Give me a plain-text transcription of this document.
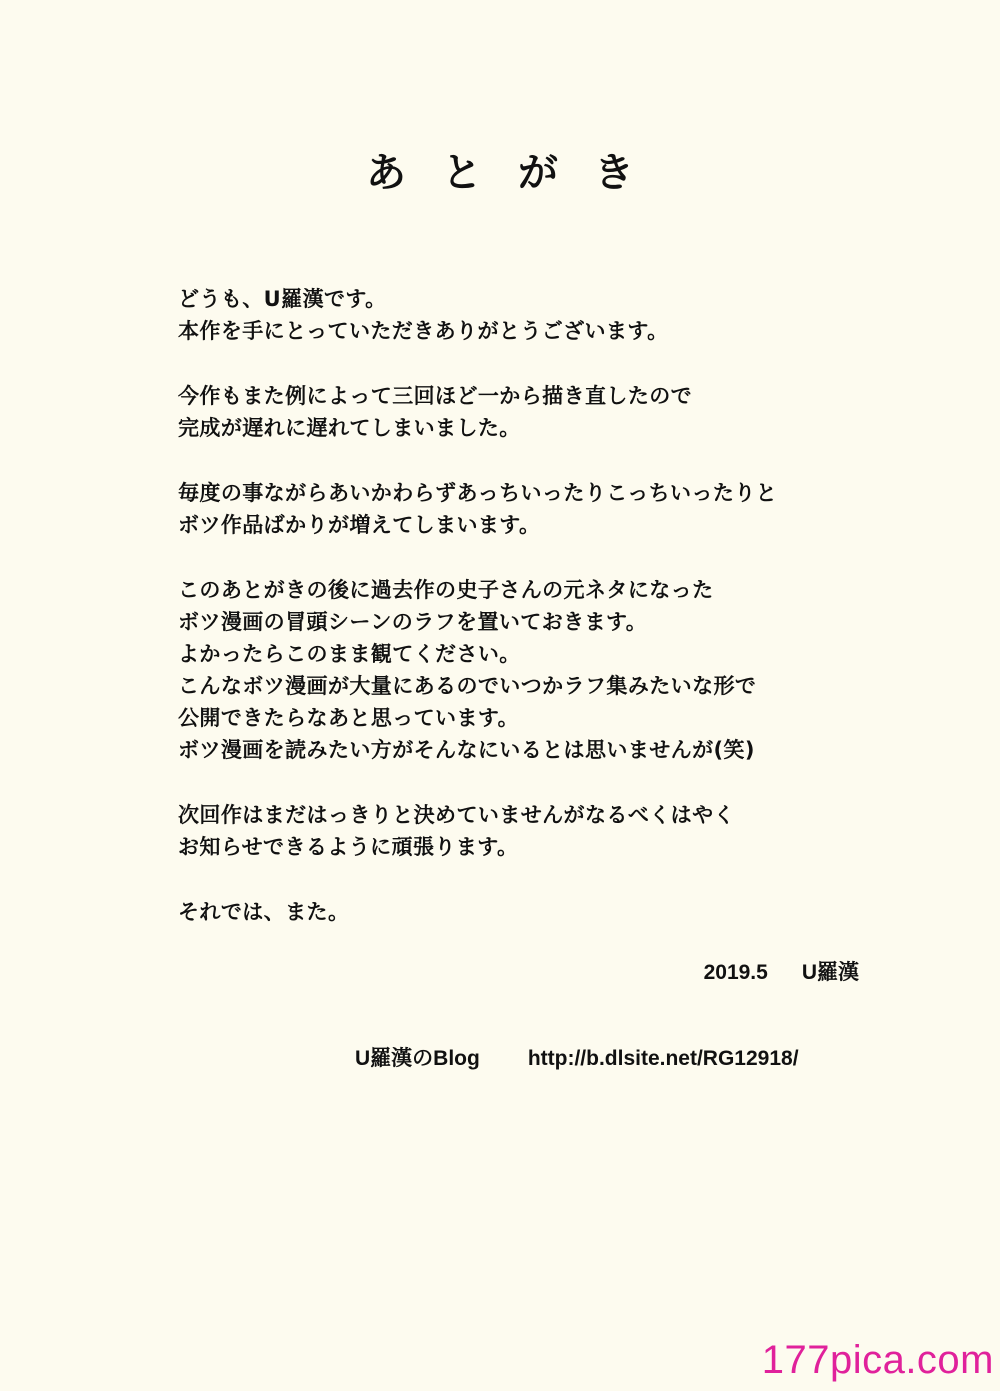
あとがき
どうも、U羅漢です。
本作を手にとっていただきありがとうございます。
今作もまた例によって三回ほど一から描き直したので
完成が遅れに遅れてしまいました。
毎度の事ながらあいかわらずあっちいったりこっちいったりと
ボツ作品ばかりが増えてしまいます。
このあとがきの後に過去作の史子さんの元ネタになった
ボツ漫画の冒頭シーンのラフを置いておきます。
よかったらこのまま観てください。
こんなボツ漫画が大量にあるのでいつかラフ集みたいな形で
公開できたらなあと思っています。
ボツ漫画を読みたい方がそんなにいるとは思いませんが(笑)
次回作はまだはっきりと決めていませんがなるべくはやく
お知らせできるように頑張ります。
それでは、また。
2019.5 U羅漢
U羅漢のBlog http://b.dlsite.net/RG12918/
177pica.com
